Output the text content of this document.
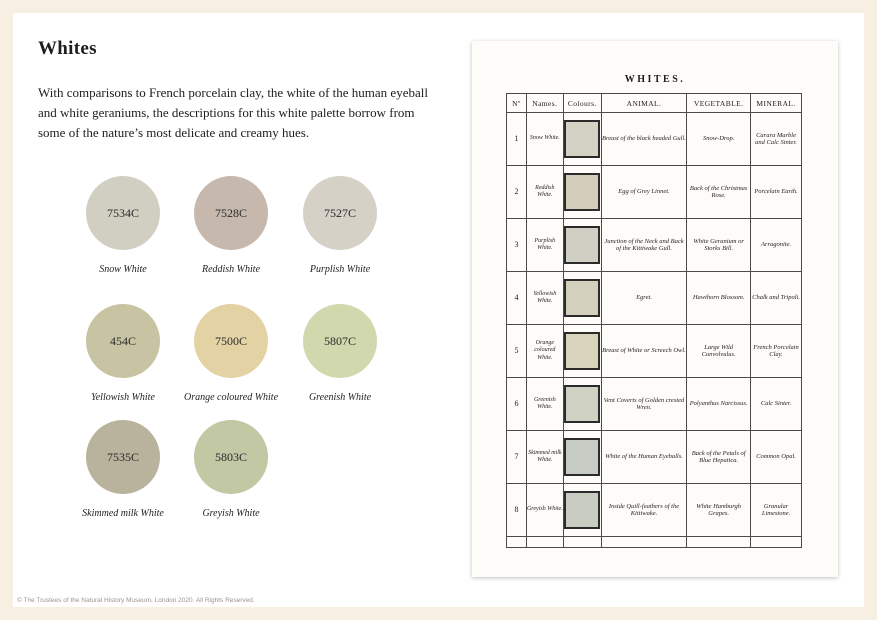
Whites
With comparisons to French porcelain clay, the white of the human eyeball and white geraniums, the descriptions for this white palette borrow from some of the nature’s most delicate and creamy hues.
7534C
Snow White
7528C
Reddish White
7527C
Purplish White
454C
Yellowish White
7500C
Orange coloured White
5807C
Greenish White
7535C
Skimmed milk White
5803C
Greyish White
© The Trustees of the Natural History Museum, London 2020. All Rights Reserved.
WHITES.
Nº	Names.	Colours.	ANIMAL.	VEGETABLE.	MINERAL.
1	Snow White.		Breast of the black headed Gull.	Snow-Drop.	Carara Marble and Calc Sinter.
2	Reddish White.		Egg of Grey Linnet.	Back of the Christmas Rose.	Porcelain Earth.
3	Purplish White.		Junction of the Neck and Back of the Kittiwake Gull.	White Geranium or Storks Bill.	Arragonite.
4	Yellowish White.		Egret.	Hawthorn Blossom.	Chalk and Tripoli.
5	Orange coloured White.		Breast of White or Screech Owl.	Large Wild Convolvulus.	French Porcelain Clay.
6	Greenish White.		Vent Coverts of Golden crested Wren.	Polyanthus Narcissus.	Calc Sinter.
7	Skimmed milk White.		White of the Human Eyeballs.	Back of the Petals of Blue Hepatica.	Common Opal.
8	Greyish White.		Inside Quill-feathers of the Kittiwake.	White Hamburgh Grapes.	Granular Limestone.
